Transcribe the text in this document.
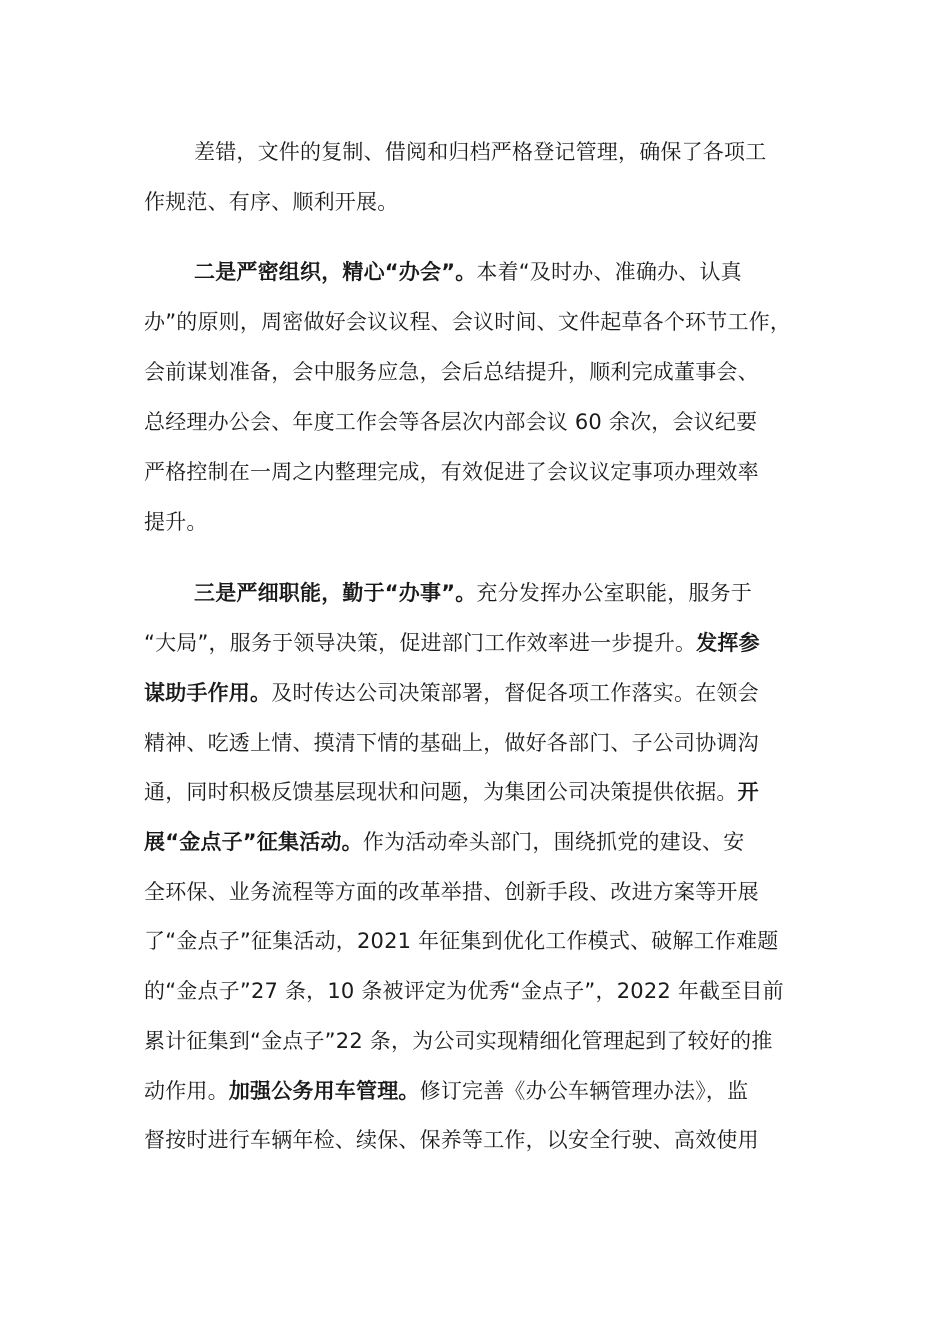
差错，文件的复制、借阅和归档严格登记管理，确保了各项工
作规范、有序、顺利开展。
二是严密组织，精心“办会”。本着“及时办、准确办、认真
办”的原则，周密做好会议议程、会议时间、文件起草各个环节工作，
会前谋划准备，会中服务应急，会后总结提升，顺利完成董事会、
总经理办公会、年度工作会等各层次内部会议 60 余次，会议纪要
严格控制在一周之内整理完成，有效促进了会议议定事项办理效率
提升。
三是严细职能，勤于“办事”。充分发挥办公室职能，服务于
“大局”，服务于领导决策，促进部门工作效率进一步提升。发挥参
谋助手作用。及时传达公司决策部署，督促各项工作落实。在领会
精神、吃透上情、摸清下情的基础上，做好各部门、子公司协调沟
通，同时积极反馈基层现状和问题，为集团公司决策提供依据。开
展“金点子”征集活动。作为活动牵头部门，围绕抓党的建设、安
全环保、业务流程等方面的改革举措、创新手段、改进方案等开展
了“金点子”征集活动，2021 年征集到优化工作模式、破解工作难题
的“金点子”27 条，10 条被评定为优秀“金点子”，2022 年截至目前
累计征集到“金点子”22 条，为公司实现精细化管理起到了较好的推
动作用。加强公务用车管理。修订完善《办公车辆管理办法》，监
督按时进行车辆年检、续保、保养等工作，以安全行驶、高效使用
